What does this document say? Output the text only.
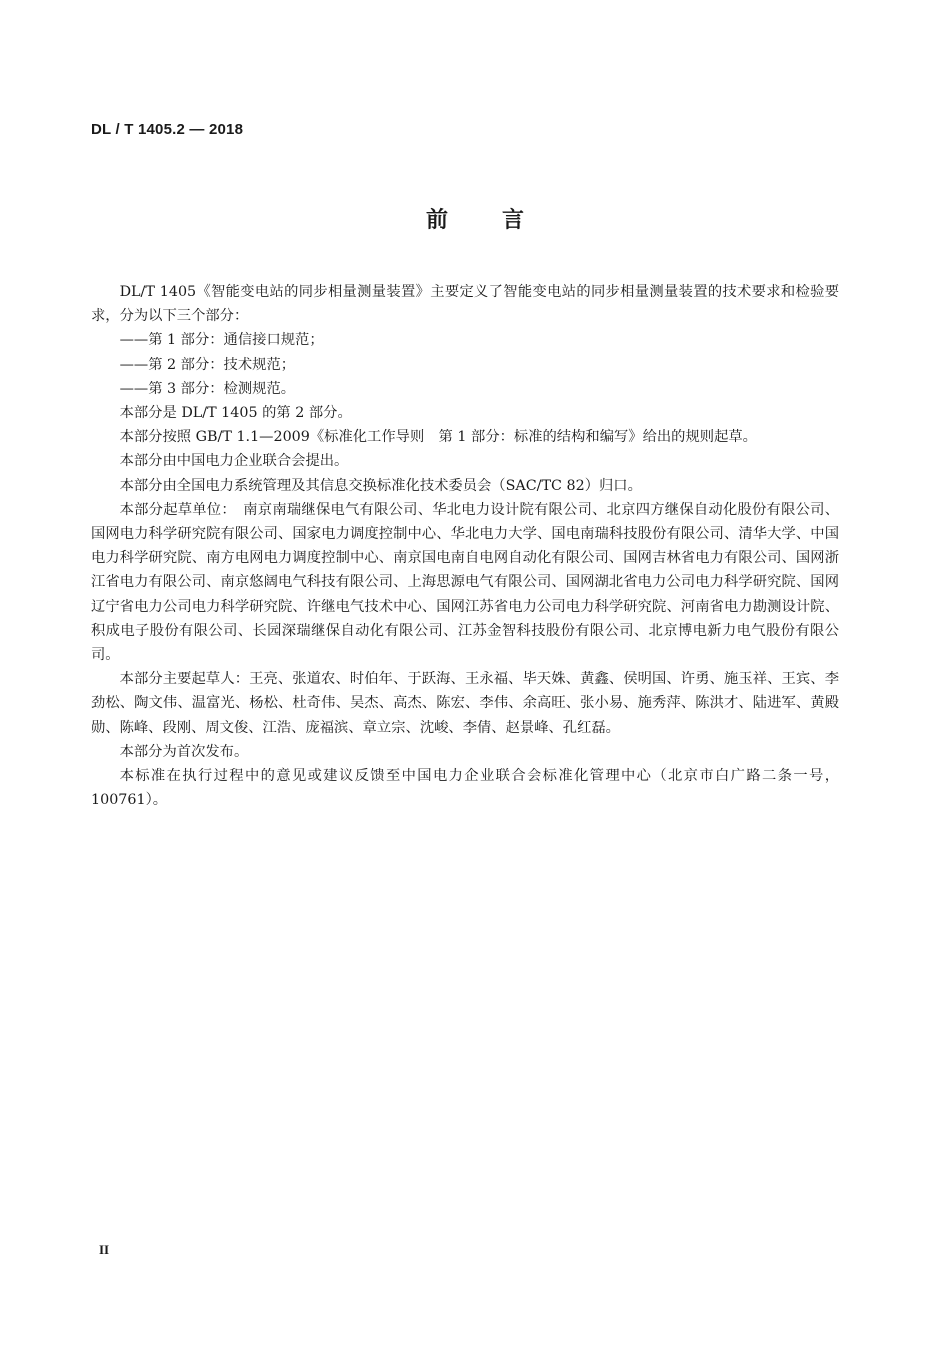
DL / T 1405.2 — 2018
前 言

DL/T 1405《智能变电站的同步相量测量装置》主要定义了智能变电站的同步相量测量装置的技术要求和检验要求，分为以下三个部分：

——第 1 部分：通信接口规范；

——第 2 部分：技术规范；

——第 3 部分：检测规范。

本部分是 DL/T 1405 的第 2 部分。

本部分按照 GB/T 1.1—2009《标准化工作导则　第 1 部分：标准的结构和编写》给出的规则起草。

本部分由中国电力企业联合会提出。

本部分由全国电力系统管理及其信息交换标准化技术委员会（SAC/TC 82）归口。

本部分起草单位：　南京南瑞继保电气有限公司、华北电力设计院有限公司、北京四方继保自动化股份有限公司、国网电力科学研究院有限公司、国家电力调度控制中心、华北电力大学、国电南瑞科技股份有限公司、清华大学、中国电力科学研究院、南方电网电力调度控制中心、南京国电南自电网自动化有限公司、国网吉林省电力有限公司、国网浙江省电力有限公司、南京悠阔电气科技有限公司、上海思源电气有限公司、国网湖北省电力公司电力科学研究院、国网辽宁省电力公司电力科学研究院、许继电气技术中心、国网江苏省电力公司电力科学研究院、河南省电力勘测设计院、积成电子股份有限公司、长园深瑞继保自动化有限公司、江苏金智科技股份有限公司、北京博电新力电气股份有限公司。

本部分主要起草人：王亮、张道农、时伯年、于跃海、王永福、毕天姝、黄鑫、侯明国、许勇、施玉祥、王宾、李劲松、陶文伟、温富光、杨松、杜奇伟、吴杰、高杰、陈宏、李伟、余高旺、张小易、施秀萍、陈洪才、陆进军、黄殿勋、陈峰、段刚、周文俊、江浩、庞福滨、章立宗、沈峻、李倩、赵景峰、孔红磊。

本部分为首次发布。

本标准在执行过程中的意见或建议反馈至中国电力企业联合会标准化管理中心（北京市白广路二条一号，100761）。

II
